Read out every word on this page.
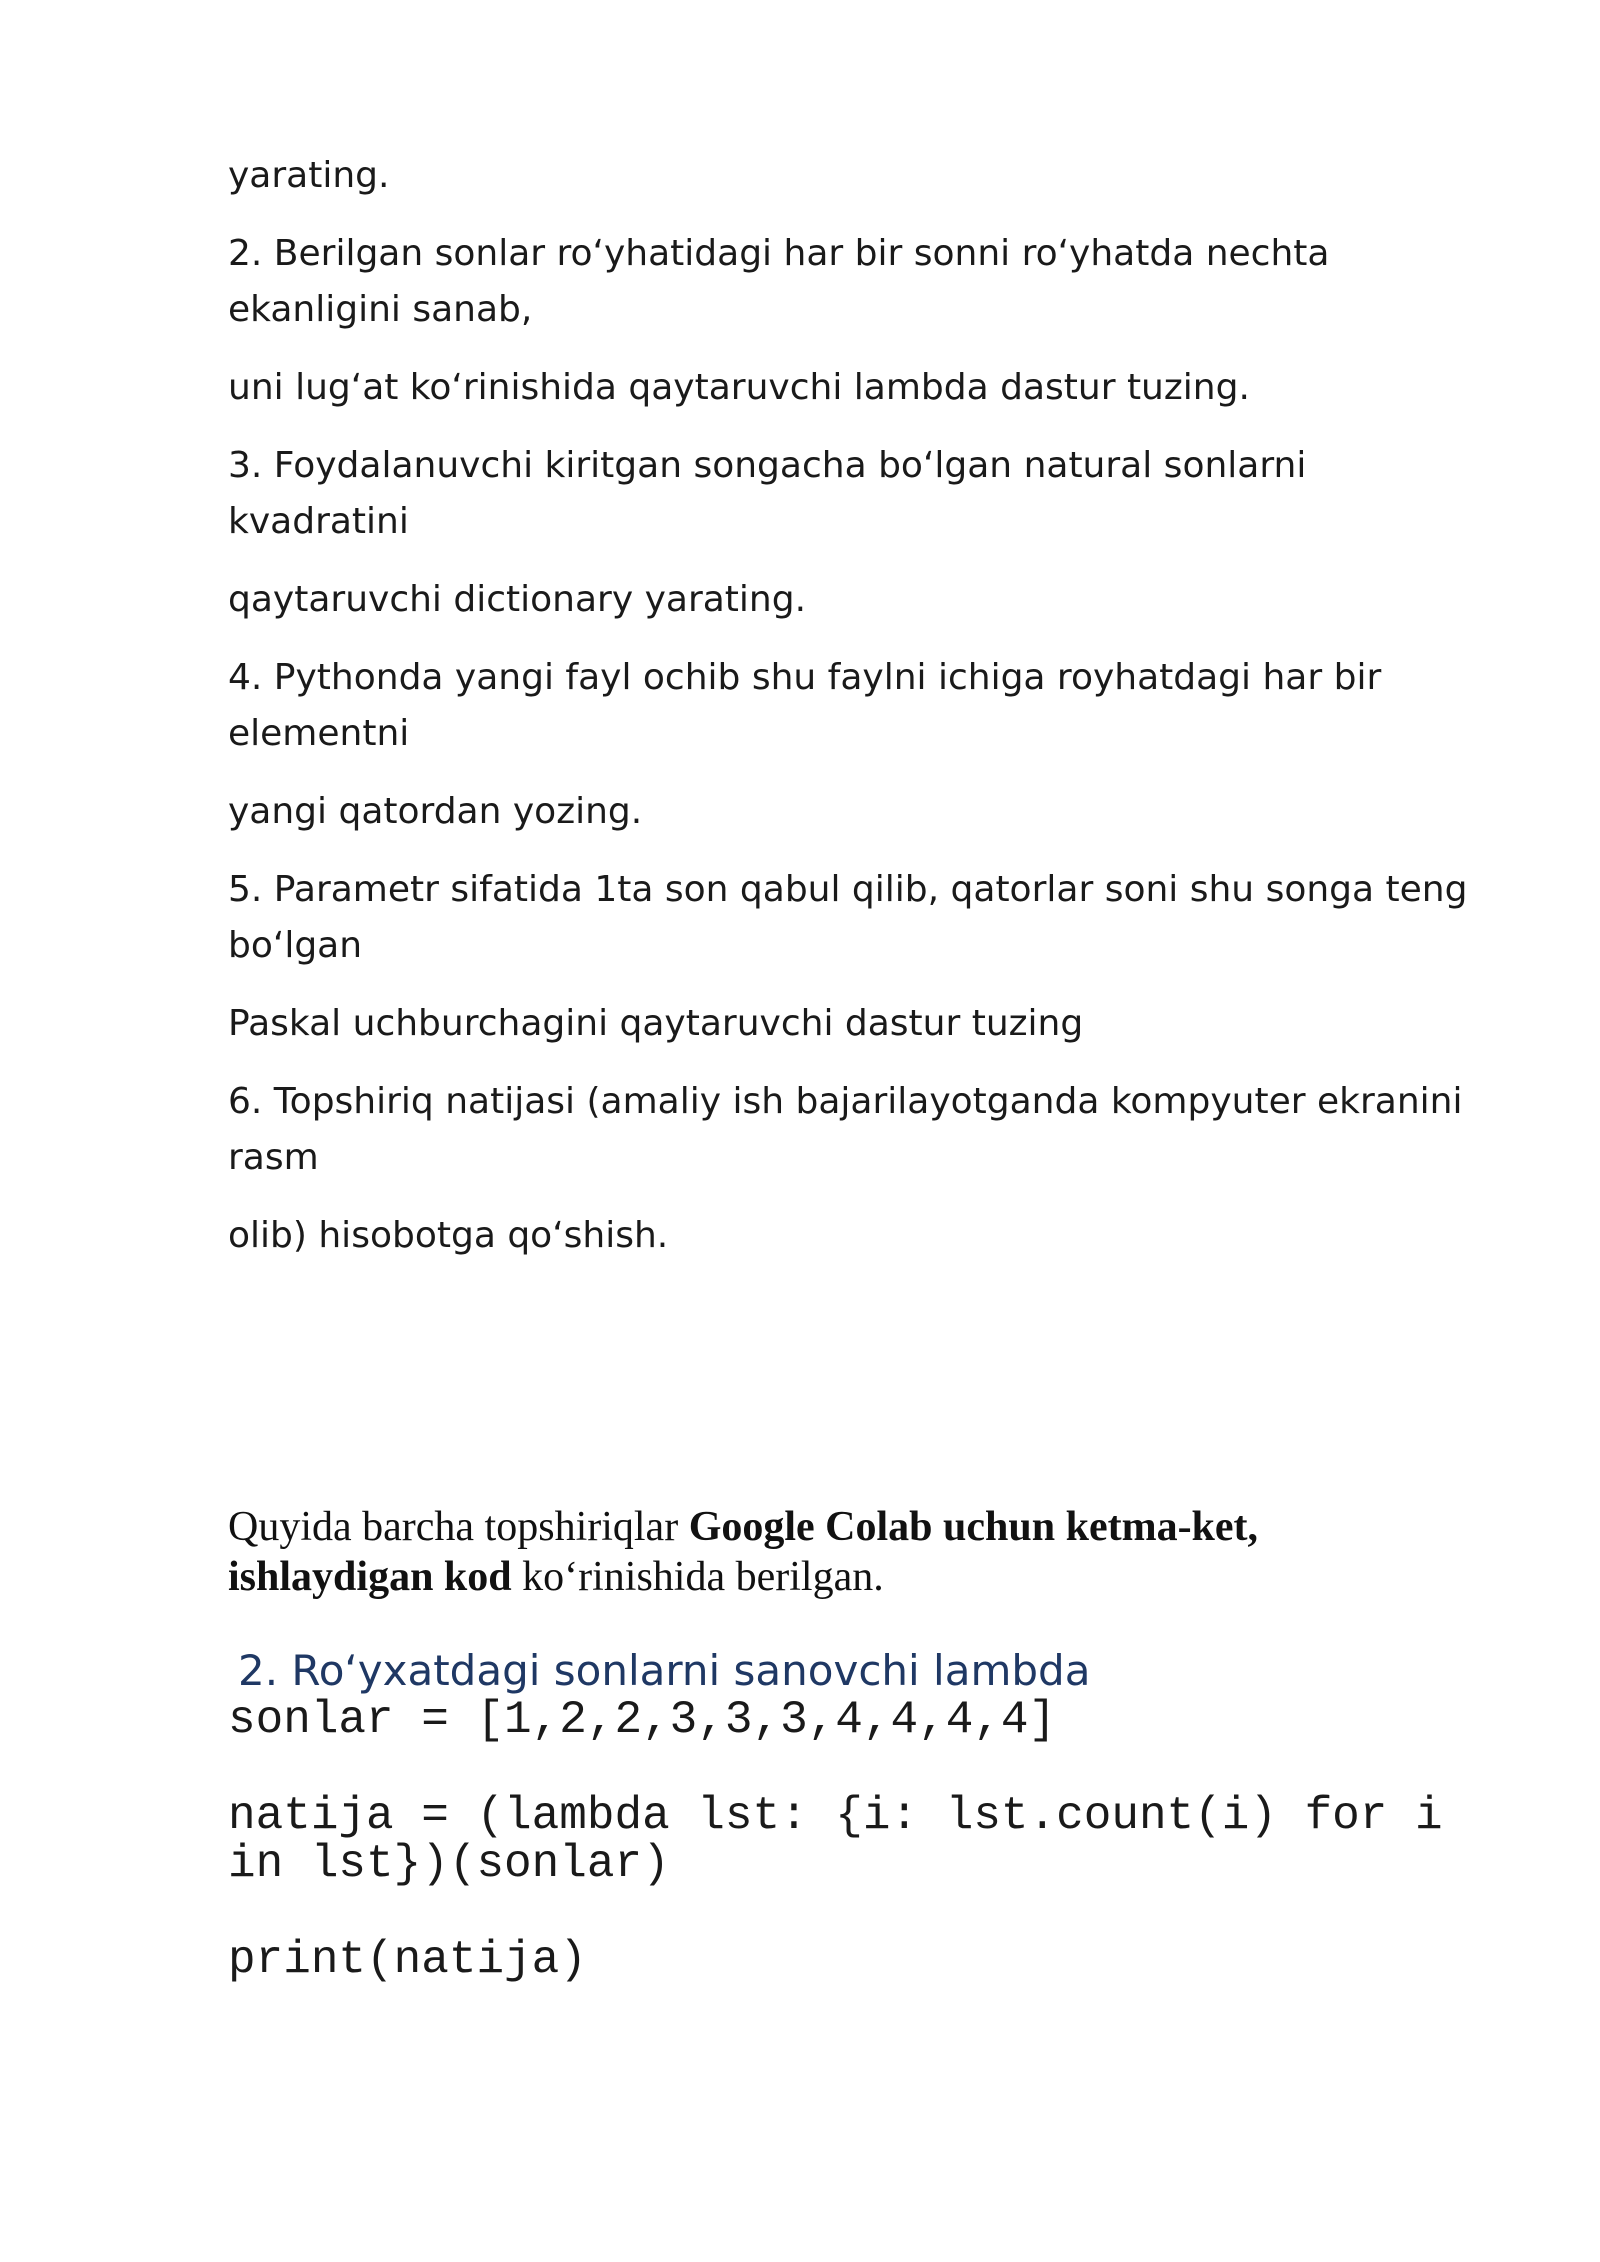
yarating.

2. Berilgan sonlar ro‘yhatidagi har bir sonni ro‘yhatda nechta ekanligini sanab,

uni lug‘at ko‘rinishida qaytaruvchi lambda dastur tuzing.

3. Foydalanuvchi kiritgan songacha bo‘lgan natural sonlarni kvadratini

qaytaruvchi dictionary yarating.

4. Pythonda yangi fayl ochib shu faylni ichiga royhatdagi har bir elementni

yangi qatordan yozing.

5. Parametr sifatida 1ta son qabul qilib, qatorlar soni shu songa teng bo‘lgan

Paskal uchburchagini qaytaruvchi dastur tuzing

6. Topshiriq natijasi (amaliy ish bajarilayotganda kompyuter ekranini rasm

olib) hisobotga qo‘shish.

Quyida barcha topshiriqlar Google Colab uchun ketma-ket, ishlaydigan kod ko‘rinishida berilgan.

2. Ro‘yxatdagi sonlarni sanovchi lambda
sonlar = [1,2,2,3,3,3,4,4,4,4]
natija = (lambda lst: {i: lst.count(i) for i in lst})(sonlar)
print(natija)
